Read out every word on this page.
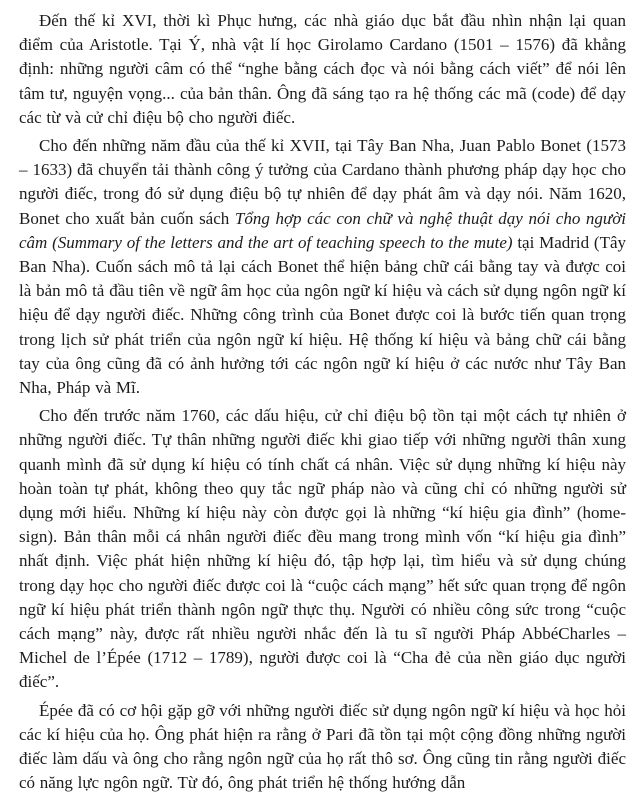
Đến thế kỉ XVI, thời kì Phục hưng, các nhà giáo dục bắt đầu nhìn nhận lại quan điểm của Aristotle. Tại Ý, nhà vật lí học Girolamo Cardano (1501 – 1576) đã khẳng định: những người câm có thể “nghe bằng cách đọc và nói bằng cách viết” để nói lên tâm tư, nguyện vọng... của bản thân. Ông đã sáng tạo ra hệ thống các mã (code) để dạy các từ và cử chỉ điệu bộ cho người điếc.

Cho đến những năm đầu của thế kỉ XVII, tại Tây Ban Nha, Juan Pablo Bonet (1573 – 1633) đã chuyển tải thành công ý tưởng của Cardano thành phương pháp dạy học cho người điếc, trong đó sử dụng điệu bộ tự nhiên để dạy phát âm và dạy nói. Năm 1620, Bonet cho xuất bản cuốn sách Tổng hợp các con chữ và nghệ thuật dạy nói cho người câm (Summary of the letters and the art of teaching speech to the mute) tại Madrid (Tây Ban Nha). Cuốn sách mô tả lại cách Bonet thể hiện bảng chữ cái bằng tay và được coi là bản mô tả đầu tiên về ngữ âm học của ngôn ngữ kí hiệu và cách sử dụng ngôn ngữ kí hiệu để dạy người điếc. Những công trình của Bonet được coi là bước tiến quan trọng trong lịch sử phát triển của ngôn ngữ kí hiệu. Hệ thống kí hiệu và bảng chữ cái bằng tay của ông cũng đã có ảnh hưởng tới các ngôn ngữ kí hiệu ở các nước như Tây Ban Nha, Pháp và Mĩ.

Cho đến trước năm 1760, các dấu hiệu, cử chỉ điệu bộ tồn tại một cách tự nhiên ở những người điếc. Tự thân những người điếc khi giao tiếp với những người thân xung quanh mình đã sử dụng kí hiệu có tính chất cá nhân. Việc sử dụng những kí hiệu này hoàn toàn tự phát, không theo quy tắc ngữ pháp nào và cũng chỉ có những người sử dụng mới hiểu. Những kí hiệu này còn được gọi là những “kí hiệu gia đình” (home-sign). Bản thân mỗi cá nhân người điếc đều mang trong mình vốn “kí hiệu gia đình” nhất định. Việc phát hiện những kí hiệu đó, tập hợp lại, tìm hiểu và sử dụng chúng trong dạy học cho người điếc được coi là “cuộc cách mạng” hết sức quan trọng để ngôn ngữ kí hiệu phát triển thành ngôn ngữ thực thụ. Người có nhiều công sức trong “cuộc cách mạng” này, được rất nhiều người nhắc đến là tu sĩ người Pháp AbbéCharles – Michel de l’Épée (1712 – 1789), người được coi là “Cha đẻ của nền giáo dục người điếc”.

Épée đã có cơ hội gặp gỡ với những người điếc sử dụng ngôn ngữ kí hiệu và học hỏi các kí hiệu của họ. Ông phát hiện ra rằng ở Pari đã tồn tại một cộng đồng những người điếc làm dấu và ông cho rằng ngôn ngữ của họ rất thô sơ. Ông cũng tin rằng người điếc có năng lực ngôn ngữ. Từ đó, ông phát triển hệ thống hướng dẫn
